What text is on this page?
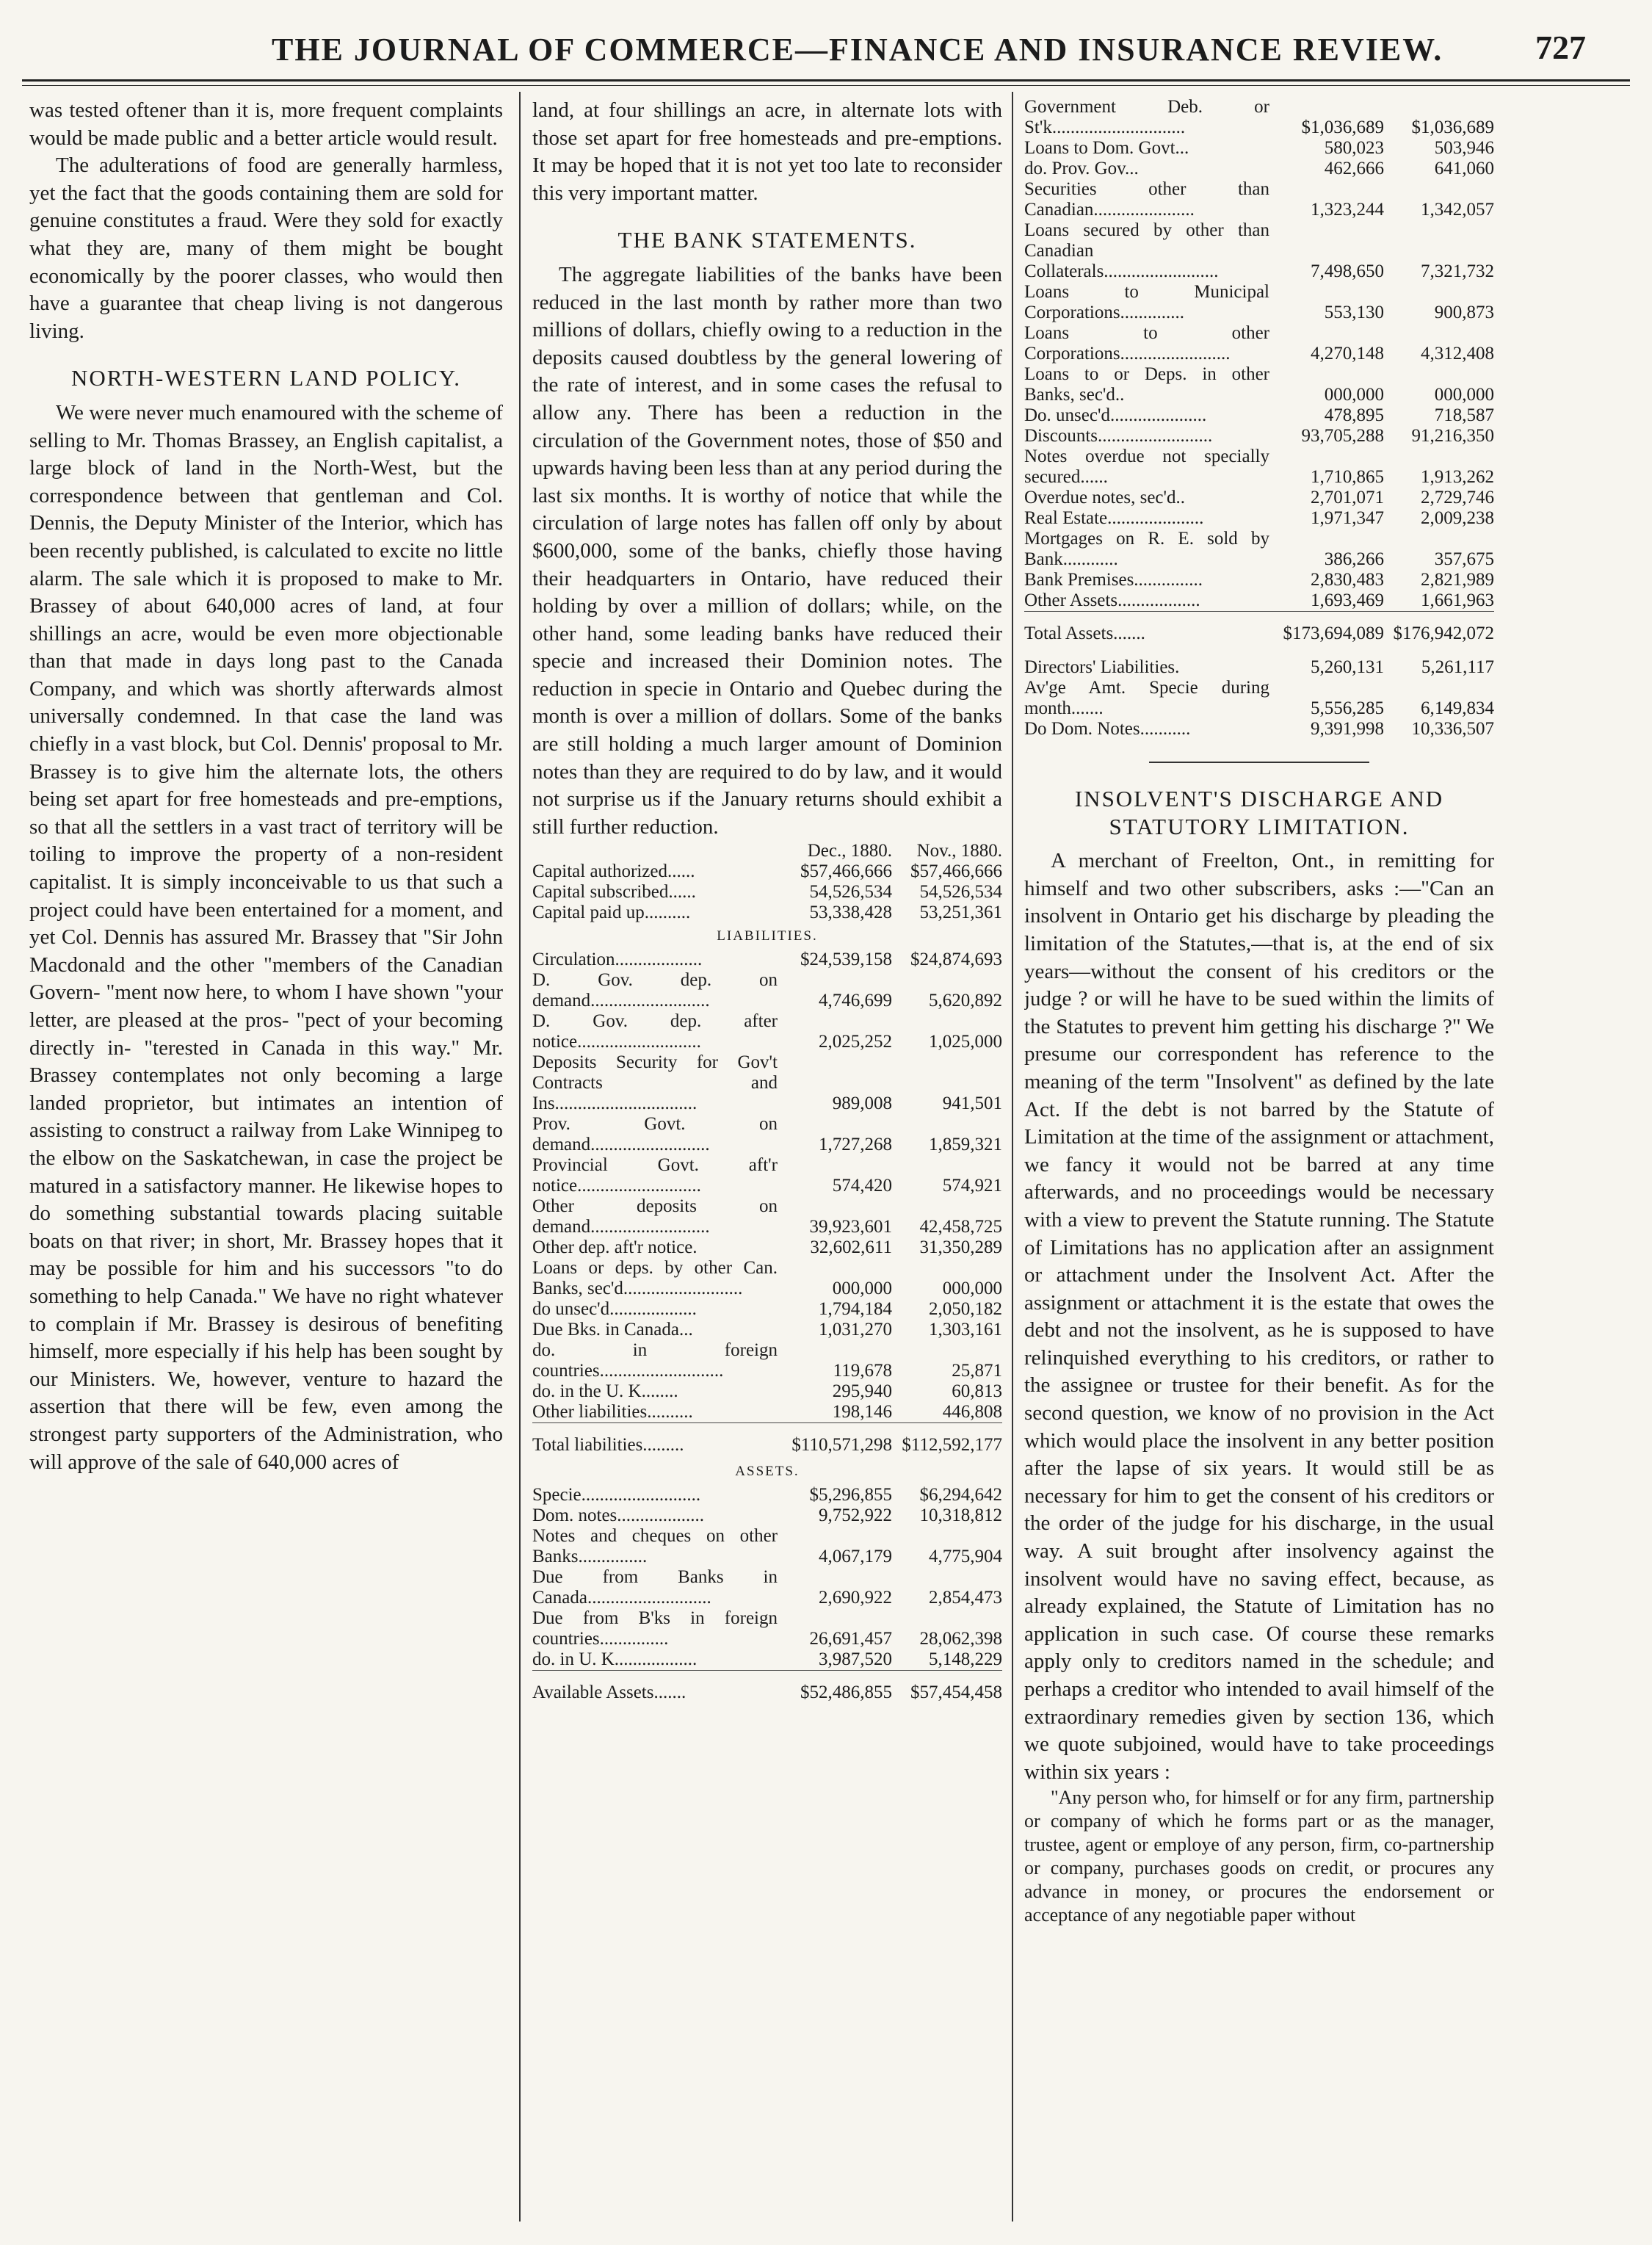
THE JOURNAL OF COMMERCE—FINANCE AND INSURANCE REVIEW.	727

was tested oftener than it is, more frequent complaints would be made public and a better article would result.

The adulterations of food are generally harmless, yet the fact that the goods containing them are sold for genuine constitutes a fraud. Were they sold for exactly what they are, many of them might be bought economically by the poorer classes, who would then have a guarantee that cheap living is not dangerous living.

NORTH-WESTERN LAND POLICY.

We were never much enamoured with the scheme of selling to Mr. Thomas Brassey, an English capitalist, a large block of land in the North-West, but the correspondence between that gentleman and Col. Dennis, the Deputy Minister of the Interior, which has been recently published, is calculated to excite no little alarm. The sale which it is proposed to make to Mr. Brassey of about 640,000 acres of land, at four shillings an acre, would be even more objectionable than that made in days long past to the Canada Company, and which was shortly afterwards almost universally condemned. In that case the land was chiefly in a vast block, but Col. Dennis' proposal to Mr. Brassey is to give him the alternate lots, the others being set apart for free homesteads and pre-emptions, so that all the settlers in a vast tract of territory will be toiling to improve the property of a non-resident capitalist. It is simply inconceivable to us that such a project could have been entertained for a moment, and yet Col. Dennis has assured Mr. Brassey that "Sir John Macdonald and the other "members of the Canadian Govern- "ment now here, to whom I have shown "your letter, are pleased at the pros- "pect of your becoming directly in- "terested in Canada in this way." Mr. Brassey contemplates not only becoming a large landed proprietor, but intimates an intention of assisting to construct a railway from Lake Winnipeg to the elbow on the Saskatchewan, in case the project be matured in a satisfactory manner. He likewise hopes to do something substantial towards placing suitable boats on that river; in short, Mr. Brassey hopes that it may be possible for him and his successors "to do something to help Canada." We have no right whatever to complain if Mr. Brassey is desirous of benefiting himself, more especially if his help has been sought by our Ministers. We, however, venture to hazard the assertion that there will be few, even among the strongest party supporters of the Administration, who will approve of the sale of 640,000 acres of

land, at four shillings an acre, in alternate lots with those set apart for free homesteads and pre-emptions. It may be hoped that it is not yet too late to reconsider this very important matter.

THE BANK STATEMENTS.

The aggregate liabilities of the banks have been reduced in the last month by rather more than two millions of dollars, chiefly owing to a reduction in the deposits caused doubtless by the general lowering of the rate of interest, and in some cases the refusal to allow any. There has been a reduction in the circulation of the Government notes, those of $50 and upwards having been less than at any period during the last six months. It is worthy of notice that while the circulation of large notes has fallen off only by about $600,000, some of the banks, chiefly those having their headquarters in Ontario, have reduced their holding by over a million of dollars; while, on the other hand, some leading banks have reduced their specie and increased their Dominion notes. The reduction in specie in Ontario and Quebec during the month is over a million of dollars. Some of the banks are still holding a much larger amount of Dominion notes than they are required to do by law, and it would not surprise us if the January returns should exhibit a still further reduction.

	Dec., 1880.	Nov., 1880.
Capital authorized......	$57,466,666	$57,466,666
Capital subscribed......	54,526,534	54,526,534
Capital paid up..........	53,338,428	53,251,361
LIABILITIES.		
Circulation...................	$24,539,158	$24,874,693
D. Gov. dep. on demand..........................	4,746,699	5,620,892
D. Gov. dep. after notice...........................	2,025,252	1,025,000
Deposits Security for Gov't Contracts and Ins...............................	989,008	941,501
Prov. Govt. on demand..........................	1,727,268	1,859,321
Provincial Govt. aft'r notice...........................	574,420	574,921
Other deposits on demand..........................	39,923,601	42,458,725
Other dep. aft'r notice.	32,602,611	31,350,289
Loans or deps. by other Can. Banks, sec'd..........................	000,000	000,000
do unsec'd...................	1,794,184	2,050,182
Due Bks. in Canada...	1,031,270	1,303,161
do. in foreign countries...........................	119,678	25,871
do. in the U. K........	295,940	60,813
Other liabilities..........	198,146	446,808
Total liabilities.........	$110,571,298	$112,592,177
ASSETS.		
Specie..........................	$5,296,855	$6,294,642
Dom. notes...................	9,752,922	10,318,812
Notes and cheques on other Banks...............	4,067,179	4,775,904
Due from Banks in Canada...........................	2,690,922	2,854,473
Due from B'ks in foreign countries...............	26,691,457	28,062,398
do. in U. K..................	3,987,520	5,148,229
Available Assets.......	$52,486,855	$57,454,458
Government Deb. or St'k.............................	$1,036,689	$1,036,689
Loans to Dom. Govt...	580,023	503,946
do. Prov. Gov...	462,666	641,060
Securities other than Canadian......................	1,323,244	1,342,057
Loans secured by other than Canadian Collaterals.........................	7,498,650	7,321,732
Loans to Municipal Corporations..............	553,130	900,873
Loans to other Corporations........................	4,270,148	4,312,408
Loans to or Deps. in other Banks, sec'd..	000,000	000,000
Do. unsec'd.....................	478,895	718,587
Discounts.........................	93,705,288	91,216,350
Notes overdue not specially secured......	1,710,865	1,913,262
Overdue notes, sec'd..	2,701,071	2,729,746
Real Estate.....................	1,971,347	2,009,238
Mortgages on R. E. sold by Bank............	386,266	357,675
Bank Premises...............	2,830,483	2,821,989
Other Assets..................	1,693,469	1,661,963
Total Assets.......	$173,694,089	$176,942,072

Directors' Liabilities.	5,260,131	5,261,117
Av'ge Amt. Specie during month.......	5,556,285	6,149,834
Do Dom. Notes...........	9,391,998	10,336,507
INSOLVENT'S DISCHARGE AND STATUTORY LIMITATION.

A merchant of Freelton, Ont., in remitting for himself and two other subscribers, asks :—"Can an insolvent in Ontario get his discharge by pleading the limitation of the Statutes,—that is, at the end of six years—without the consent of his creditors or the judge ? or will he have to be sued within the limits of the Statutes to prevent him getting his discharge ?" We presume our correspondent has reference to the meaning of the term "Insolvent" as defined by the late Act. If the debt is not barred by the Statute of Limitation at the time of the assignment or attachment, we fancy it would not be barred at any time afterwards, and no proceedings would be necessary with a view to prevent the Statute running. The Statute of Limitations has no application after an assignment or attachment under the Insolvent Act. After the assignment or attachment it is the estate that owes the debt and not the insolvent, as he is supposed to have relinquished everything to his creditors, or rather to the assignee or trustee for their benefit. As for the second question, we know of no provision in the Act which would place the insolvent in any better position after the lapse of six years. It would still be as necessary for him to get the consent of his creditors or the order of the judge for his discharge, in the usual way. A suit brought after insolvency against the insolvent would have no saving effect, because, as already explained, the Statute of Limitation has no application in such case. Of course these remarks apply only to creditors named in the schedule; and perhaps a creditor who intended to avail himself of the extraordinary remedies given by section 136, which we quote subjoined, would have to take proceedings within six years :

"Any person who, for himself or for any firm, partnership or company of which he forms part or as the manager, trustee, agent or employe of any person, firm, co-partnership or company, purchases goods on credit, or procures any advance in money, or procures the endorsement or acceptance of any negotiable paper without
